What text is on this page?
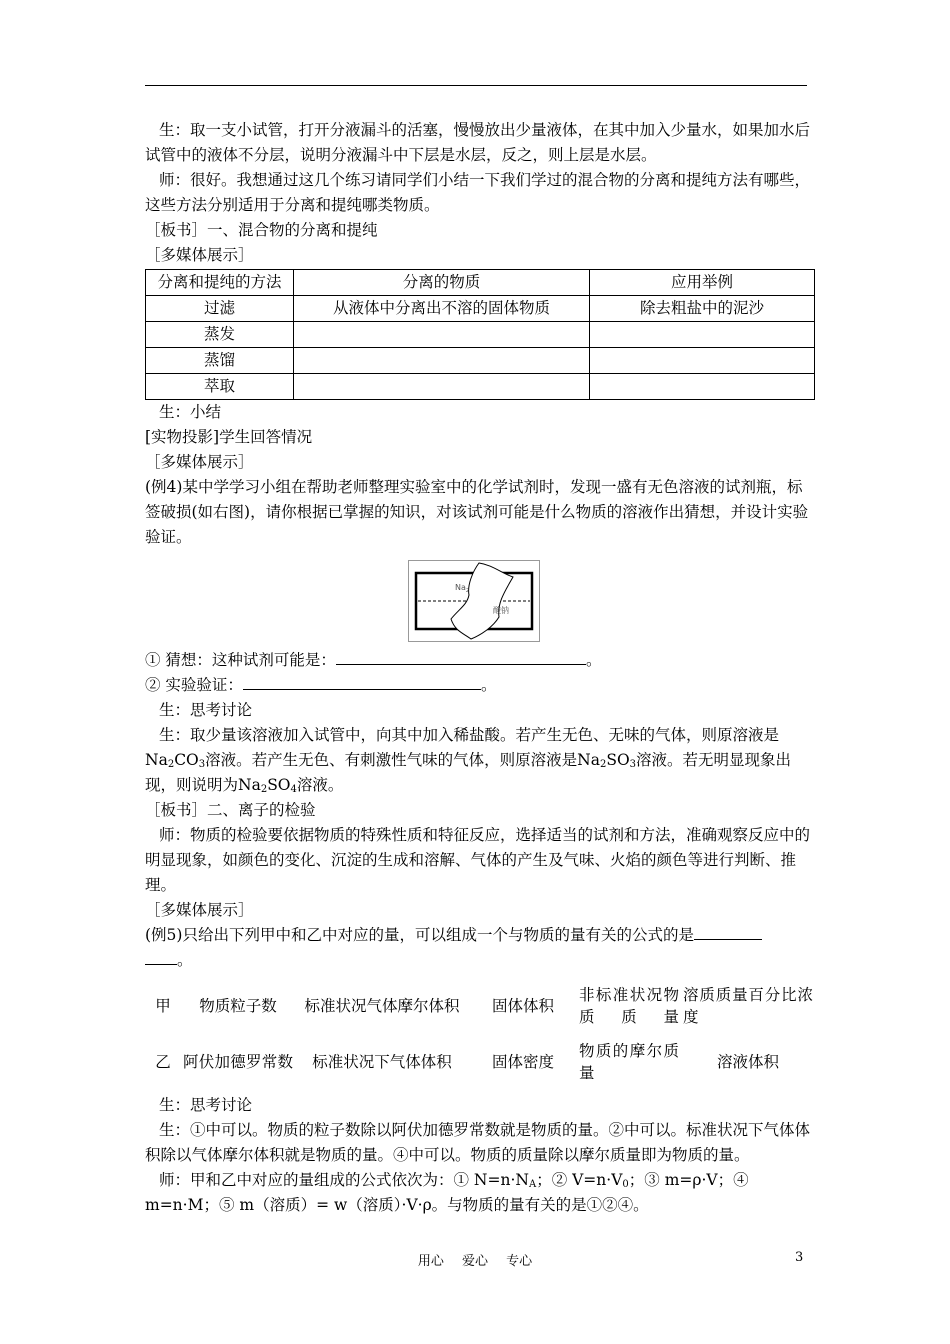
生：取一支小试管，打开分液漏斗的活塞，慢慢放出少量液体，在其中加入少量水，如果加水后试管中的液体不分层，说明分液漏斗中下层是水层，反之，则上层是水层。

师：很好。我想通过这几个练习请同学们小结一下我们学过的混合物的分离和提纯方法有哪些，这些方法分别适用于分离和提纯哪类物质。

［板书］一、混合物的分离和提纯

［多媒体展示］

分离和提纯的方法	分离的物质	应用举例
过滤	从液体中分离出不溶的固体物质	除去粗盐中的泥沙
蒸发		
蒸馏		
萃取		

生：小结

[实物投影]学生回答情况

［多媒体展示］

(例4)某中学学习小组在帮助老师整理实验室中的化学试剂时，发现一盛有无色溶液的试剂瓶，标签破损(如右图)，请你根据已掌握的知识，对该试剂可能是什么物质的溶液作出猜想，并设计实验验证。

$Na_2$
酸钠

① 猜想：这种试剂可能是：	。

② 实验验证：	。

生：思考讨论

生：取少量该溶液加入试管中，向其中加入稀盐酸。若产生无色、无味的气体，则原溶液是$Na_2CO_3$溶液。若产生无色、有刺激性气味的气体，则原溶液是$Na_2SO_3$溶液。若无明显现象出现，则说明为$Na_2SO_4$溶液。

［板书］二、离子的检验

师：物质的检验要依据物质的特殊性质和特征反应，选择适当的试剂和方法，准确观察反应中的明显现象，如颜色的变化、沉淀的生成和溶解、气体的产生及气味、火焰的颜色等进行判断、推理。

［多媒体展示］

(例5)只给出下列甲中和乙中对应的量，可以组成一个与物质的量有关的公式的是
。

甲	物质粒子数	标准状况气体摩尔体积	固体体积	非标准状况物质质量	溶质质量百分比浓度
乙	阿伏加德罗常数	标准状况下气体体积	固体密度	物质的摩尔质量	溶液体积

生：思考讨论

生：①中可以。物质的粒子数除以阿伏加德罗常数就是物质的量。②中可以。标准状况下气体体积除以气体摩尔体积就是物质的量。④中可以。物质的质量除以摩尔质量即为物质的量。

师：甲和乙中对应的量组成的公式依次为：① $N=n\cdot N_A$；② $V=n\cdot V_0$；③ m=ρ·V；④ m=n·M；⑤ m（溶质）= w（溶质）·V·ρ。与物质的量有关的是①②④。

用心 爱心 专心	3
